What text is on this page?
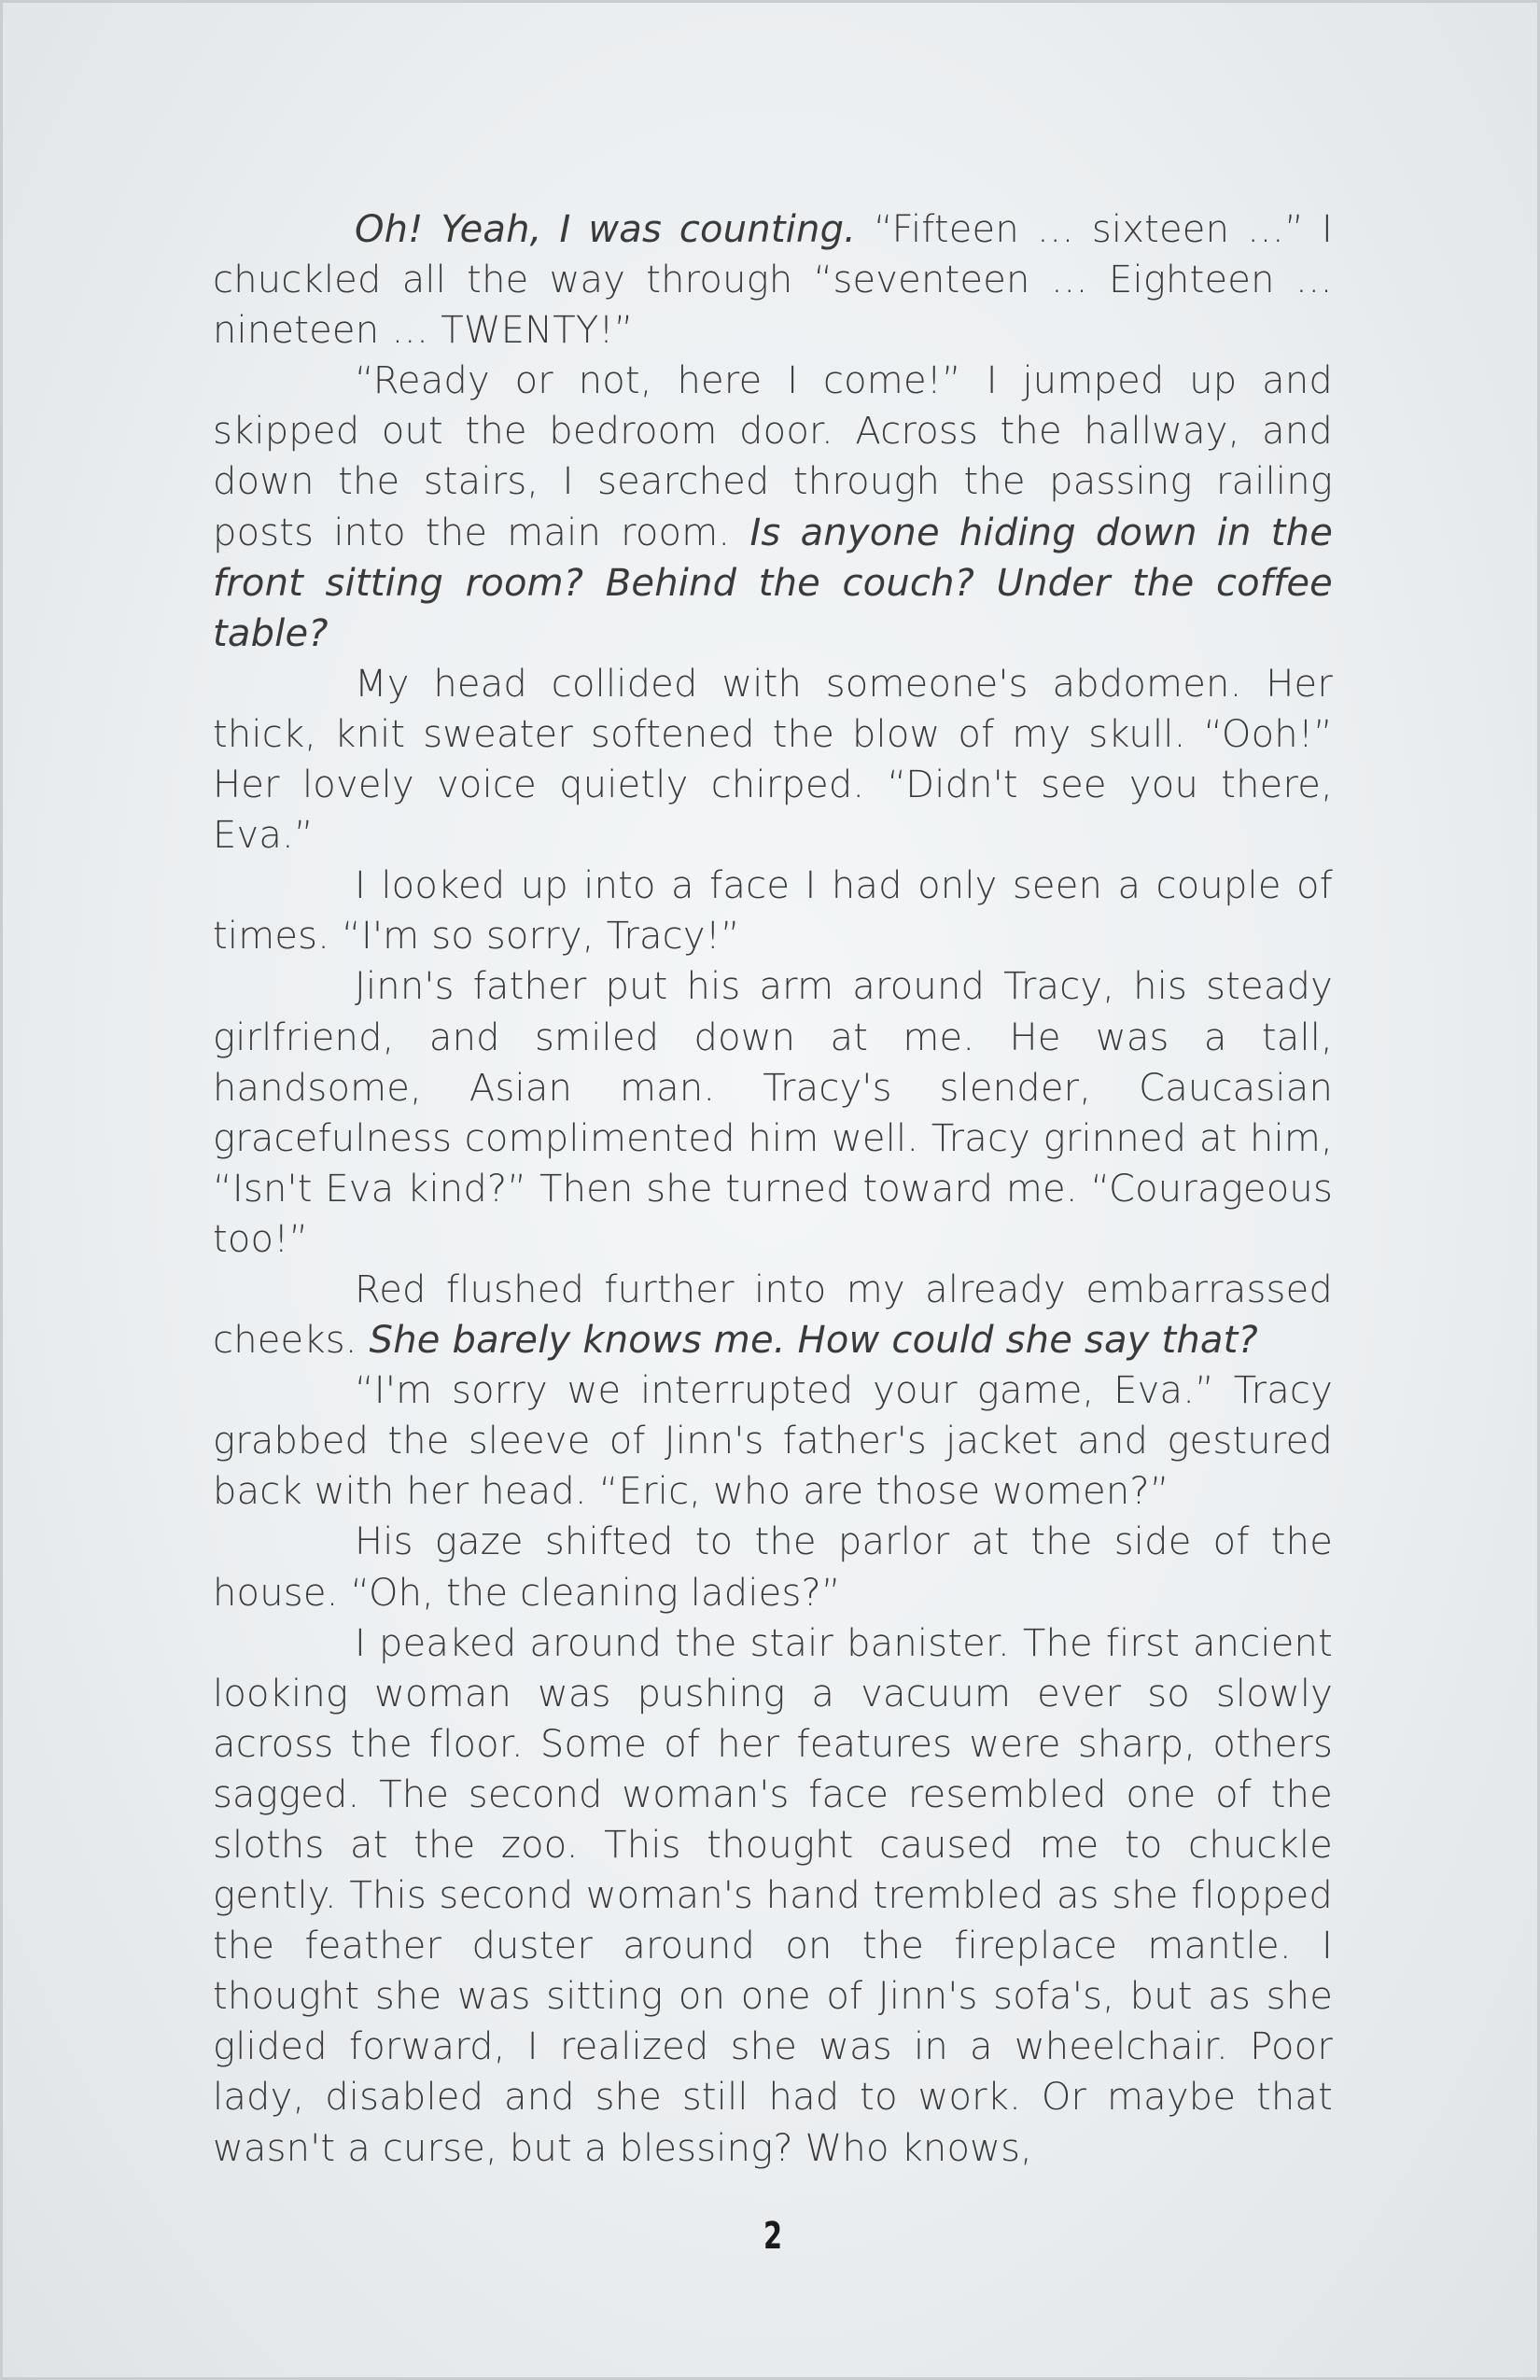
Oh! Yeah, I was counting. “Fifteen … sixteen …” I chuckled all the way through “seventeen … Eighteen … nineteen … TWENTY!”

“Ready or not, here I come!” I jumped up and skipped out the bedroom door. Across the hallway, and down the stairs, I searched through the passing railing posts into the main room. Is anyone hiding down in the front sitting room? Behind the couch? Under the coffee table?

My head collided with someone's abdomen. Her thick, knit sweater softened the blow of my skull. “Ooh!” Her lovely voice quietly chirped. “Didn't see you there, Eva.”

I looked up into a face I had only seen a couple of times. “I'm so sorry, Tracy!”

Jinn's father put his arm around Tracy, his steady girlfriend, and smiled down at me. He was a tall, handsome, Asian man. Tracy's slender, Caucasian gracefulness complimented him well. Tracy grinned at him, “Isn't Eva kind?” Then she turned toward me. “Courageous too!”

Red flushed further into my already embarrassed cheeks. She barely knows me. How could she say that?

“I'm sorry we interrupted your game, Eva.” Tracy grabbed the sleeve of Jinn's father's jacket and gestured back with her head. “Eric, who are those women?”

His gaze shifted to the parlor at the side of the house. “Oh, the cleaning ladies?”

I peaked around the stair banister. The first ancient looking woman was pushing a vacuum ever so slowly across the floor. Some of her features were sharp, others sagged. The second woman's face resembled one of the sloths at the zoo. This thought caused me to chuckle gently. This second woman's hand trembled as she flopped the feather duster around on the fireplace mantle. I thought she was sitting on one of Jinn's sofa's, but as she glided forward, I realized she was in a wheelchair. Poor lady, disabled and she still had to work. Or maybe that wasn't a curse, but a blessing? Who knows,

2
